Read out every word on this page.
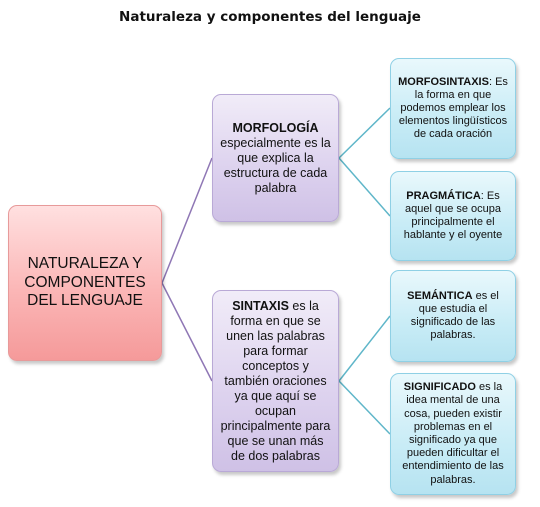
Naturaleza y componentes del lenguaje
NATURALEZA Y COMPONENTES DEL LENGUAJE
MORFOLOGÍA
especialmente es la que explica la estructura de cada palabra
SINTAXIS es la forma en que se unen las palabras para formar conceptos y también oraciones ya que aquí se ocupan principalmente para que se unan más de dos palabras
MORFOSINTAXIS: Es la forma en que podemos emplear los elementos lingüísticos de cada oración
PRAGMÁTICA: Es aquel que se ocupa principalmente el hablante y el oyente
SEMÁNTICA es el que estudia el significado de las palabras.
SIGNIFICADO es la idea mental de una cosa, pueden existir problemas en el significado ya que pueden dificultar el entendimiento de las palabras.
